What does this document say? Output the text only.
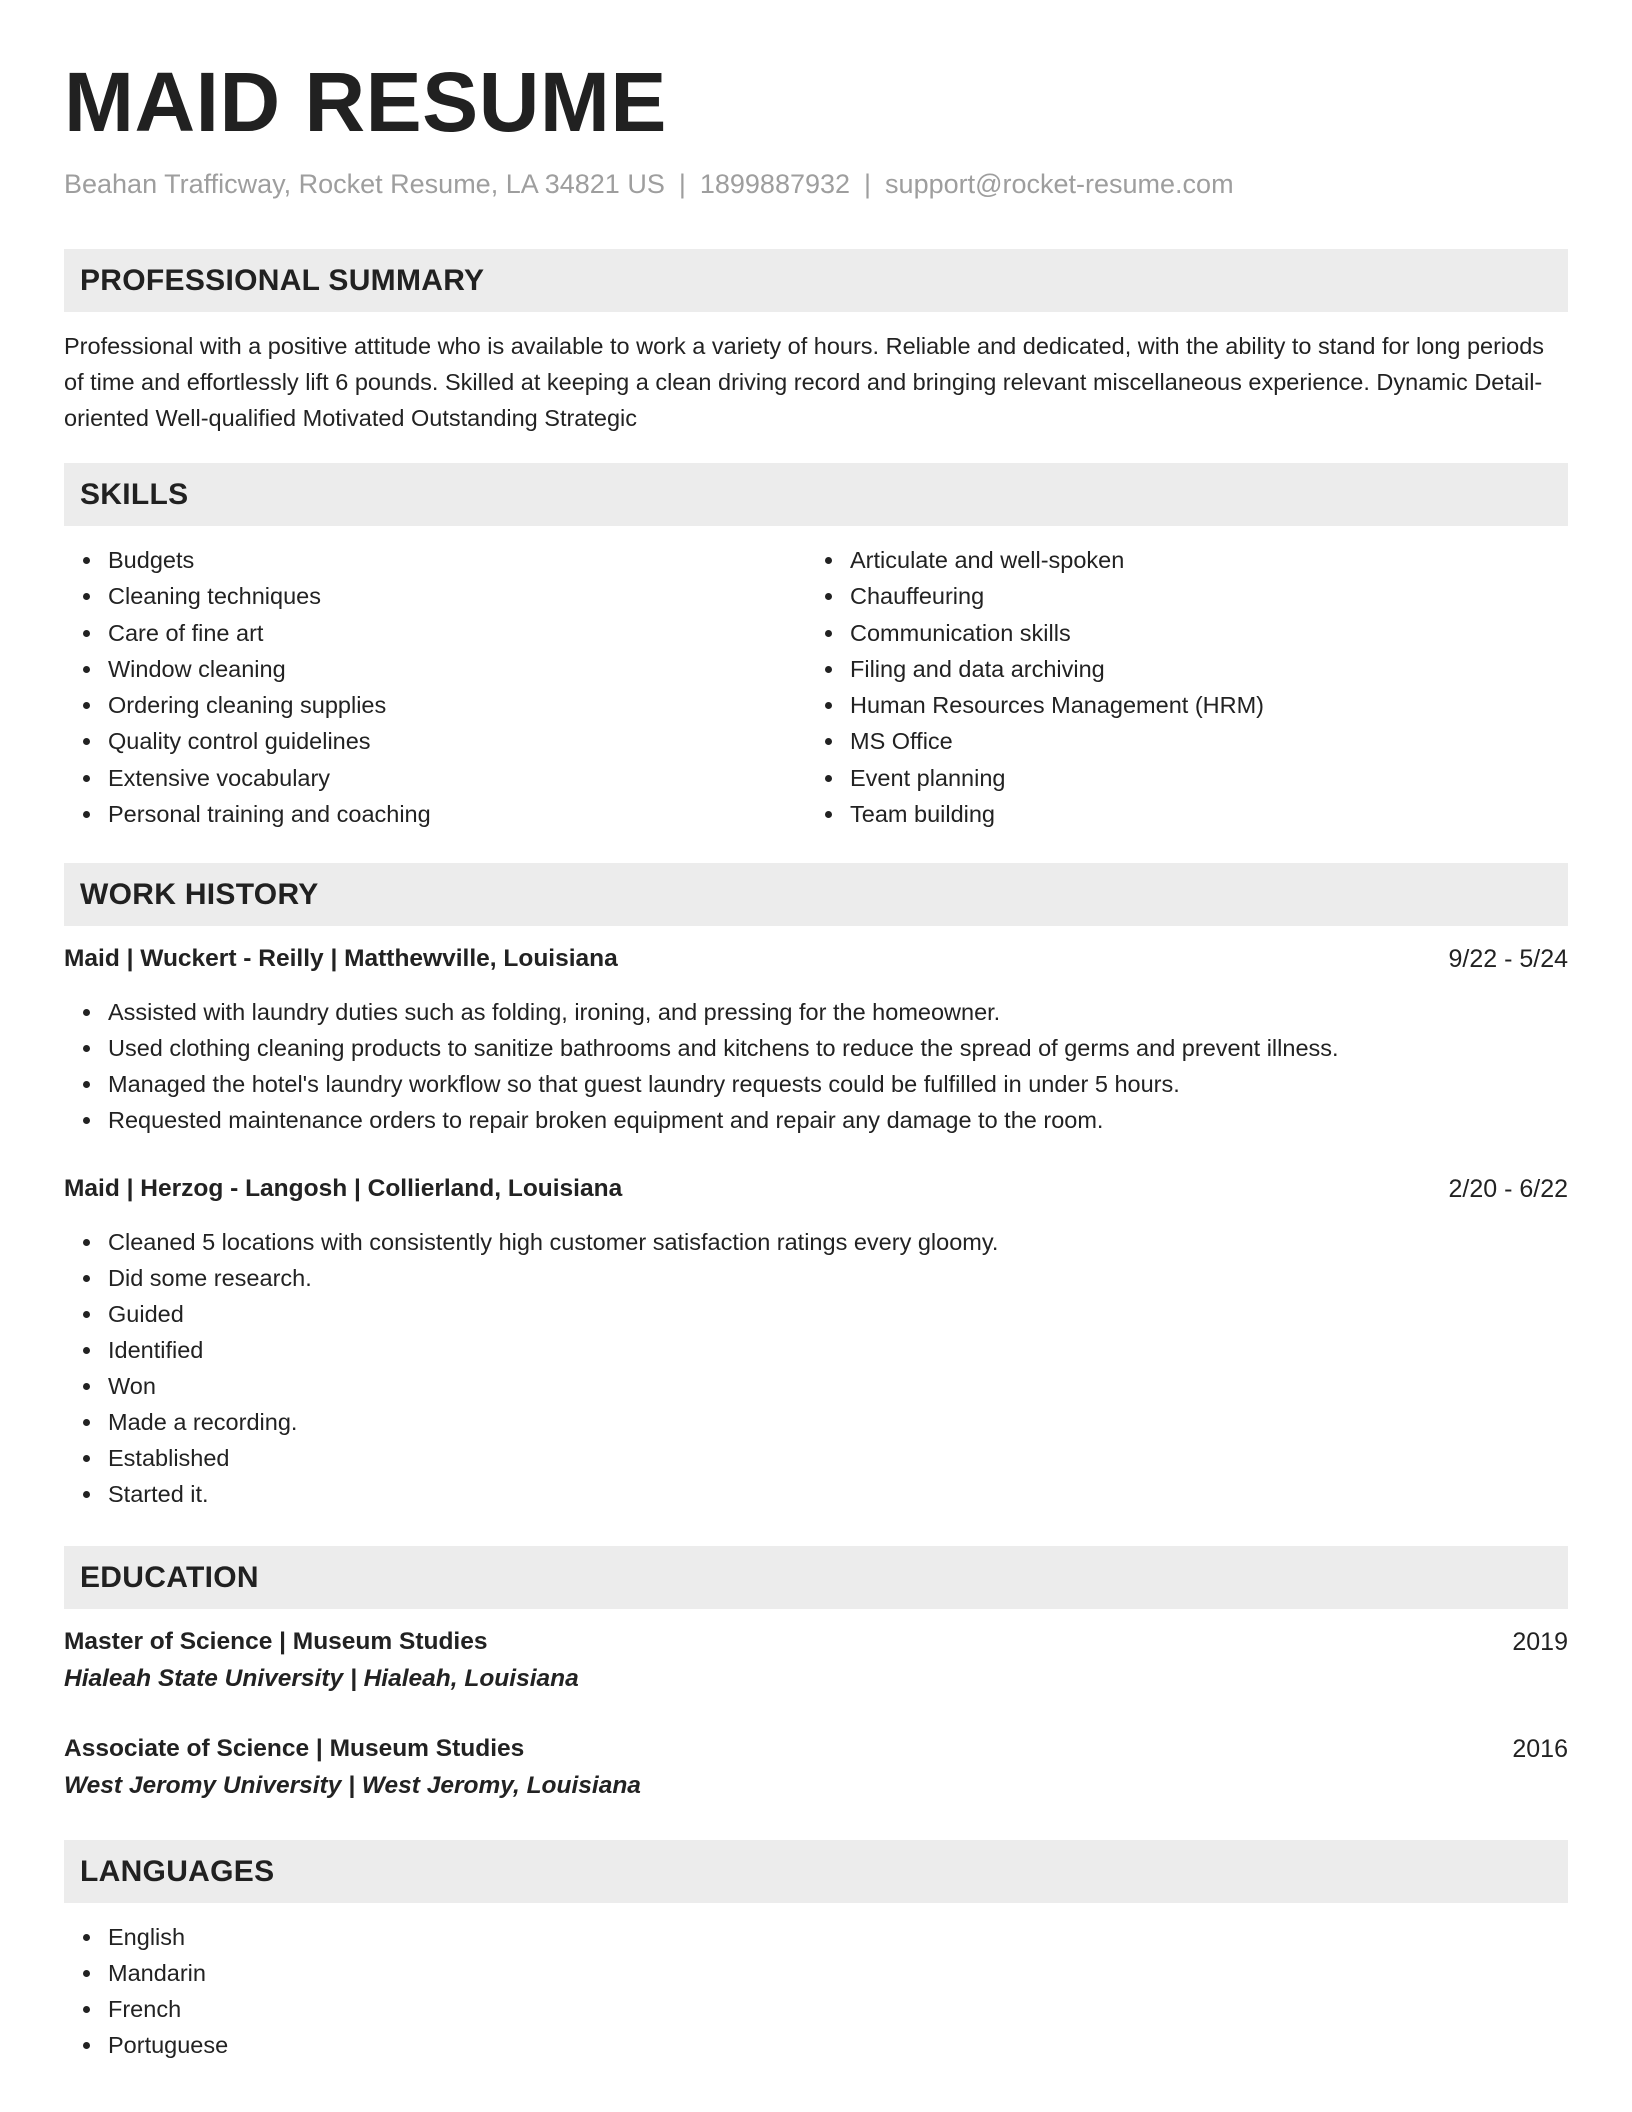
MAID RESUME
Beahan Trafficway, Rocket Resume, LA 34821 US | 1899887932 | support@rocket-resume.com
PROFESSIONAL SUMMARY

Professional with a positive attitude who is available to work a variety of hours. Reliable and dedicated, with the ability to stand for long periods of time and effortlessly lift 6 pounds. Skilled at keeping a clean driving record and bringing relevant miscellaneous experience. Dynamic Detail-oriented Well-qualified Motivated Outstanding Strategic

SKILLS
Budgets
Cleaning techniques
Care of fine art
Window cleaning
Ordering cleaning supplies
Quality control guidelines
Extensive vocabulary
Personal training and coaching
Articulate and well-spoken
Chauffeuring
Communication skills
Filing and data archiving
Human Resources Management (HRM)
MS Office
Event planning
Team building
WORK HISTORY
Maid | Wuckert - Reilly | Matthewville, Louisiana	9/22 - 5/24
Assisted with laundry duties such as folding, ironing, and pressing for the homeowner.
Used clothing cleaning products to sanitize bathrooms and kitchens to reduce the spread of germs and prevent illness.
Managed the hotel's laundry workflow so that guest laundry requests could be fulfilled in under 5 hours.
Requested maintenance orders to repair broken equipment and repair any damage to the room.
Maid | Herzog - Langosh | Collierland, Louisiana	2/20 - 6/22
Cleaned 5 locations with consistently high customer satisfaction ratings every gloomy.
Did some research.
Guided
Identified
Won
Made a recording.
Established
Started it.
EDUCATION
Master of Science | Museum Studies	2019
Hialeah State University | Hialeah, Louisiana
Associate of Science | Museum Studies	2016
West Jeromy University | West Jeromy, Louisiana
LANGUAGES
English
Mandarin
French
Portuguese
